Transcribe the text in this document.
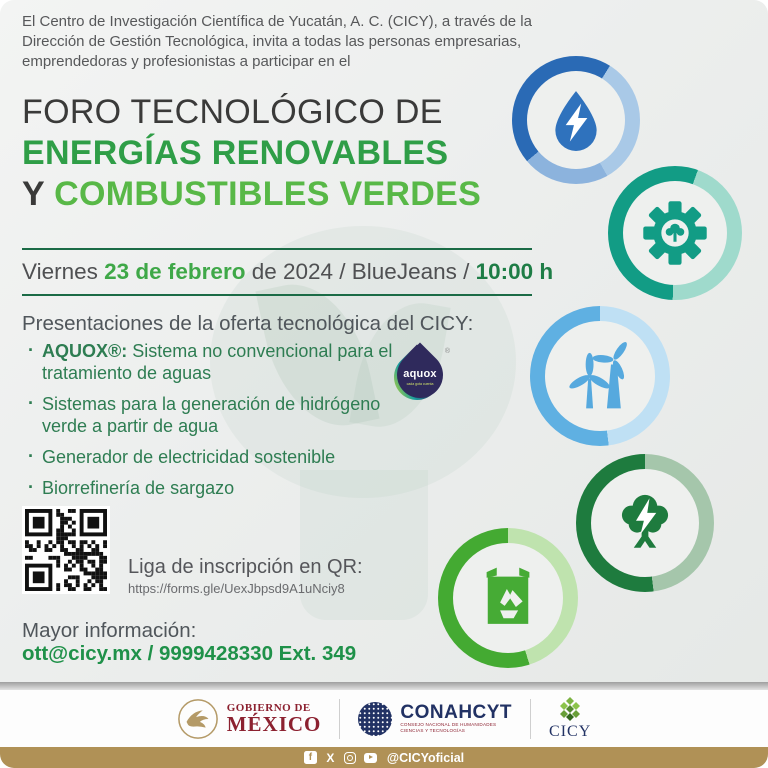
El Centro de Investigación Científica de Yucatán, A. C. (CICY), a través de la Dirección de Gestión Tecnológica, invita a todas las personas empresarias, emprendedoras y profesionistas a participar en el
FORO TECNOLÓGICO DE
ENERGÍAS RENOVABLES
Y COMBUSTIBLES VERDES
Viernes 23 de febrero de 2024 / BlueJeans / 10:00 h
Presentaciones de la oferta tecnológica del CICY:
· AQUOX®: Sistema no convencional para el tratamiento de aguas
· Sistemas para la generación de hidrógeno verde a partir de agua
· Generador de electricidad sostenible
· Biorrefinería de sargazo
aquox
cada gota cuenta
®
Liga de inscripción en QR:
https://forms.gle/UexJbpsd9A1uNciy8
Mayor información:
ott@cicy.mx / 9999428330 Ext. 349
GOBIERNO DE
MÉXICO	CONAHCYT
CONSEJO NACIONAL DE HUMANIDADES
CIENCIAS Y TECNOLOGÍAS	CICY
f	X	@CICYoficial
